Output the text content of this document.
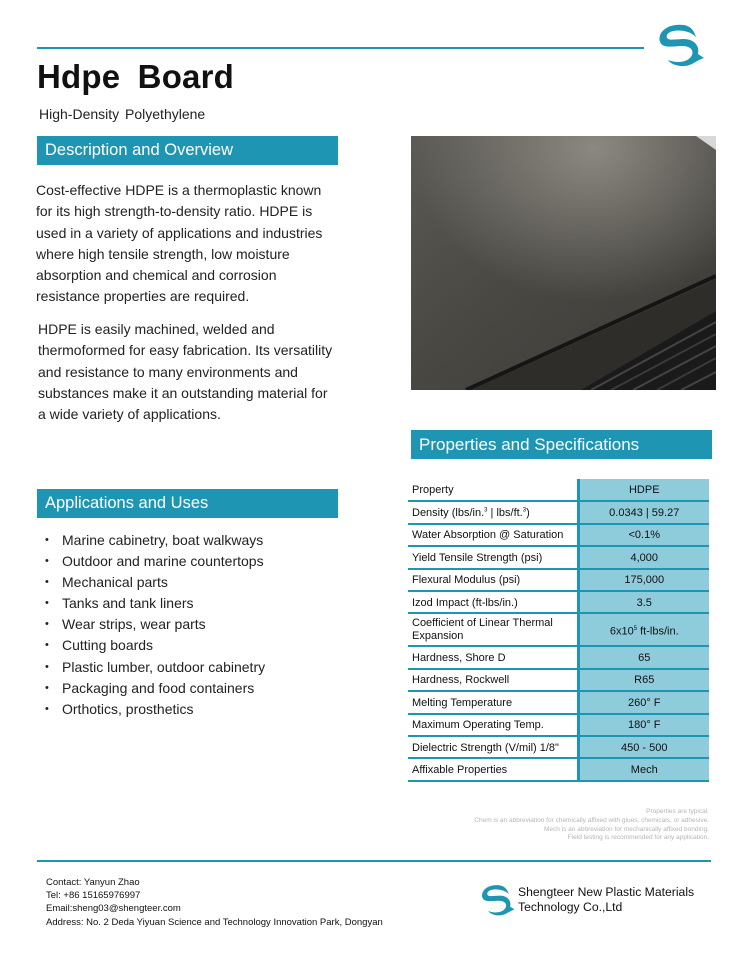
Hdpe Board
High-Density Polyethylene
Description and Overview

Cost-effective HDPE is a thermoplastic known for its high strength-to-density ratio. HDPE is used in a variety of applications and industries where high tensile strength, low moisture absorption and chemical and corrosion resistance properties are required.

HDPE is easily machined, welded and thermoformed for easy fabrication. Its versatility and resistance to many environments and substances make it an outstanding material for a wide variety of applications.

Applications and Uses
• Marine cabinetry, boat walkways
• Outdoor and marine countertops
• Mechanical parts
• Tanks and tank liners
• Wear strips, wear parts
• Cutting boards
• Plastic lumber, outdoor cabinetry
• Packaging and food containers
• Orthotics, prosthetics
Properties and Specifications
Property	HDPE
Density (lbs/in.$^3$ | lbs/ft.$^3$)	0.0343 | 59.27
Water Absorption @ Saturation	<0.1%
Yield Tensile Strength (psi)	4,000
Flexural Modulus (psi)	175,000
Izod Impact (ft-lbs/in.)	3.5
Coefficient of Linear Thermal Expansion	$6x10^5$ ft-lbs/in.
Hardness, Shore D	65
Hardness, Rockwell	R65
Melting Temperature	260° F
Maximum Operating Temp.	180° F
Dielectric Strength (V/mil) 1/8"	450 - 500
Affixable Properties	Mech
Properties are typical.
Chem is an abbreviation for chemically affixed with glues, chemicals, or adhesive.
Mech is an abbreviation for mechanically affixed bonding.
Field testing is recommended for any application.
Contact: Yanyun Zhao
Tel: +86 15165976997
Email:sheng03@shengteer.com
Address: No. 2 Deda Yiyuan Science and Technology Innovation Park, Dongyan
Shengteer New Plastic Materials
Technology Co.,Ltd
